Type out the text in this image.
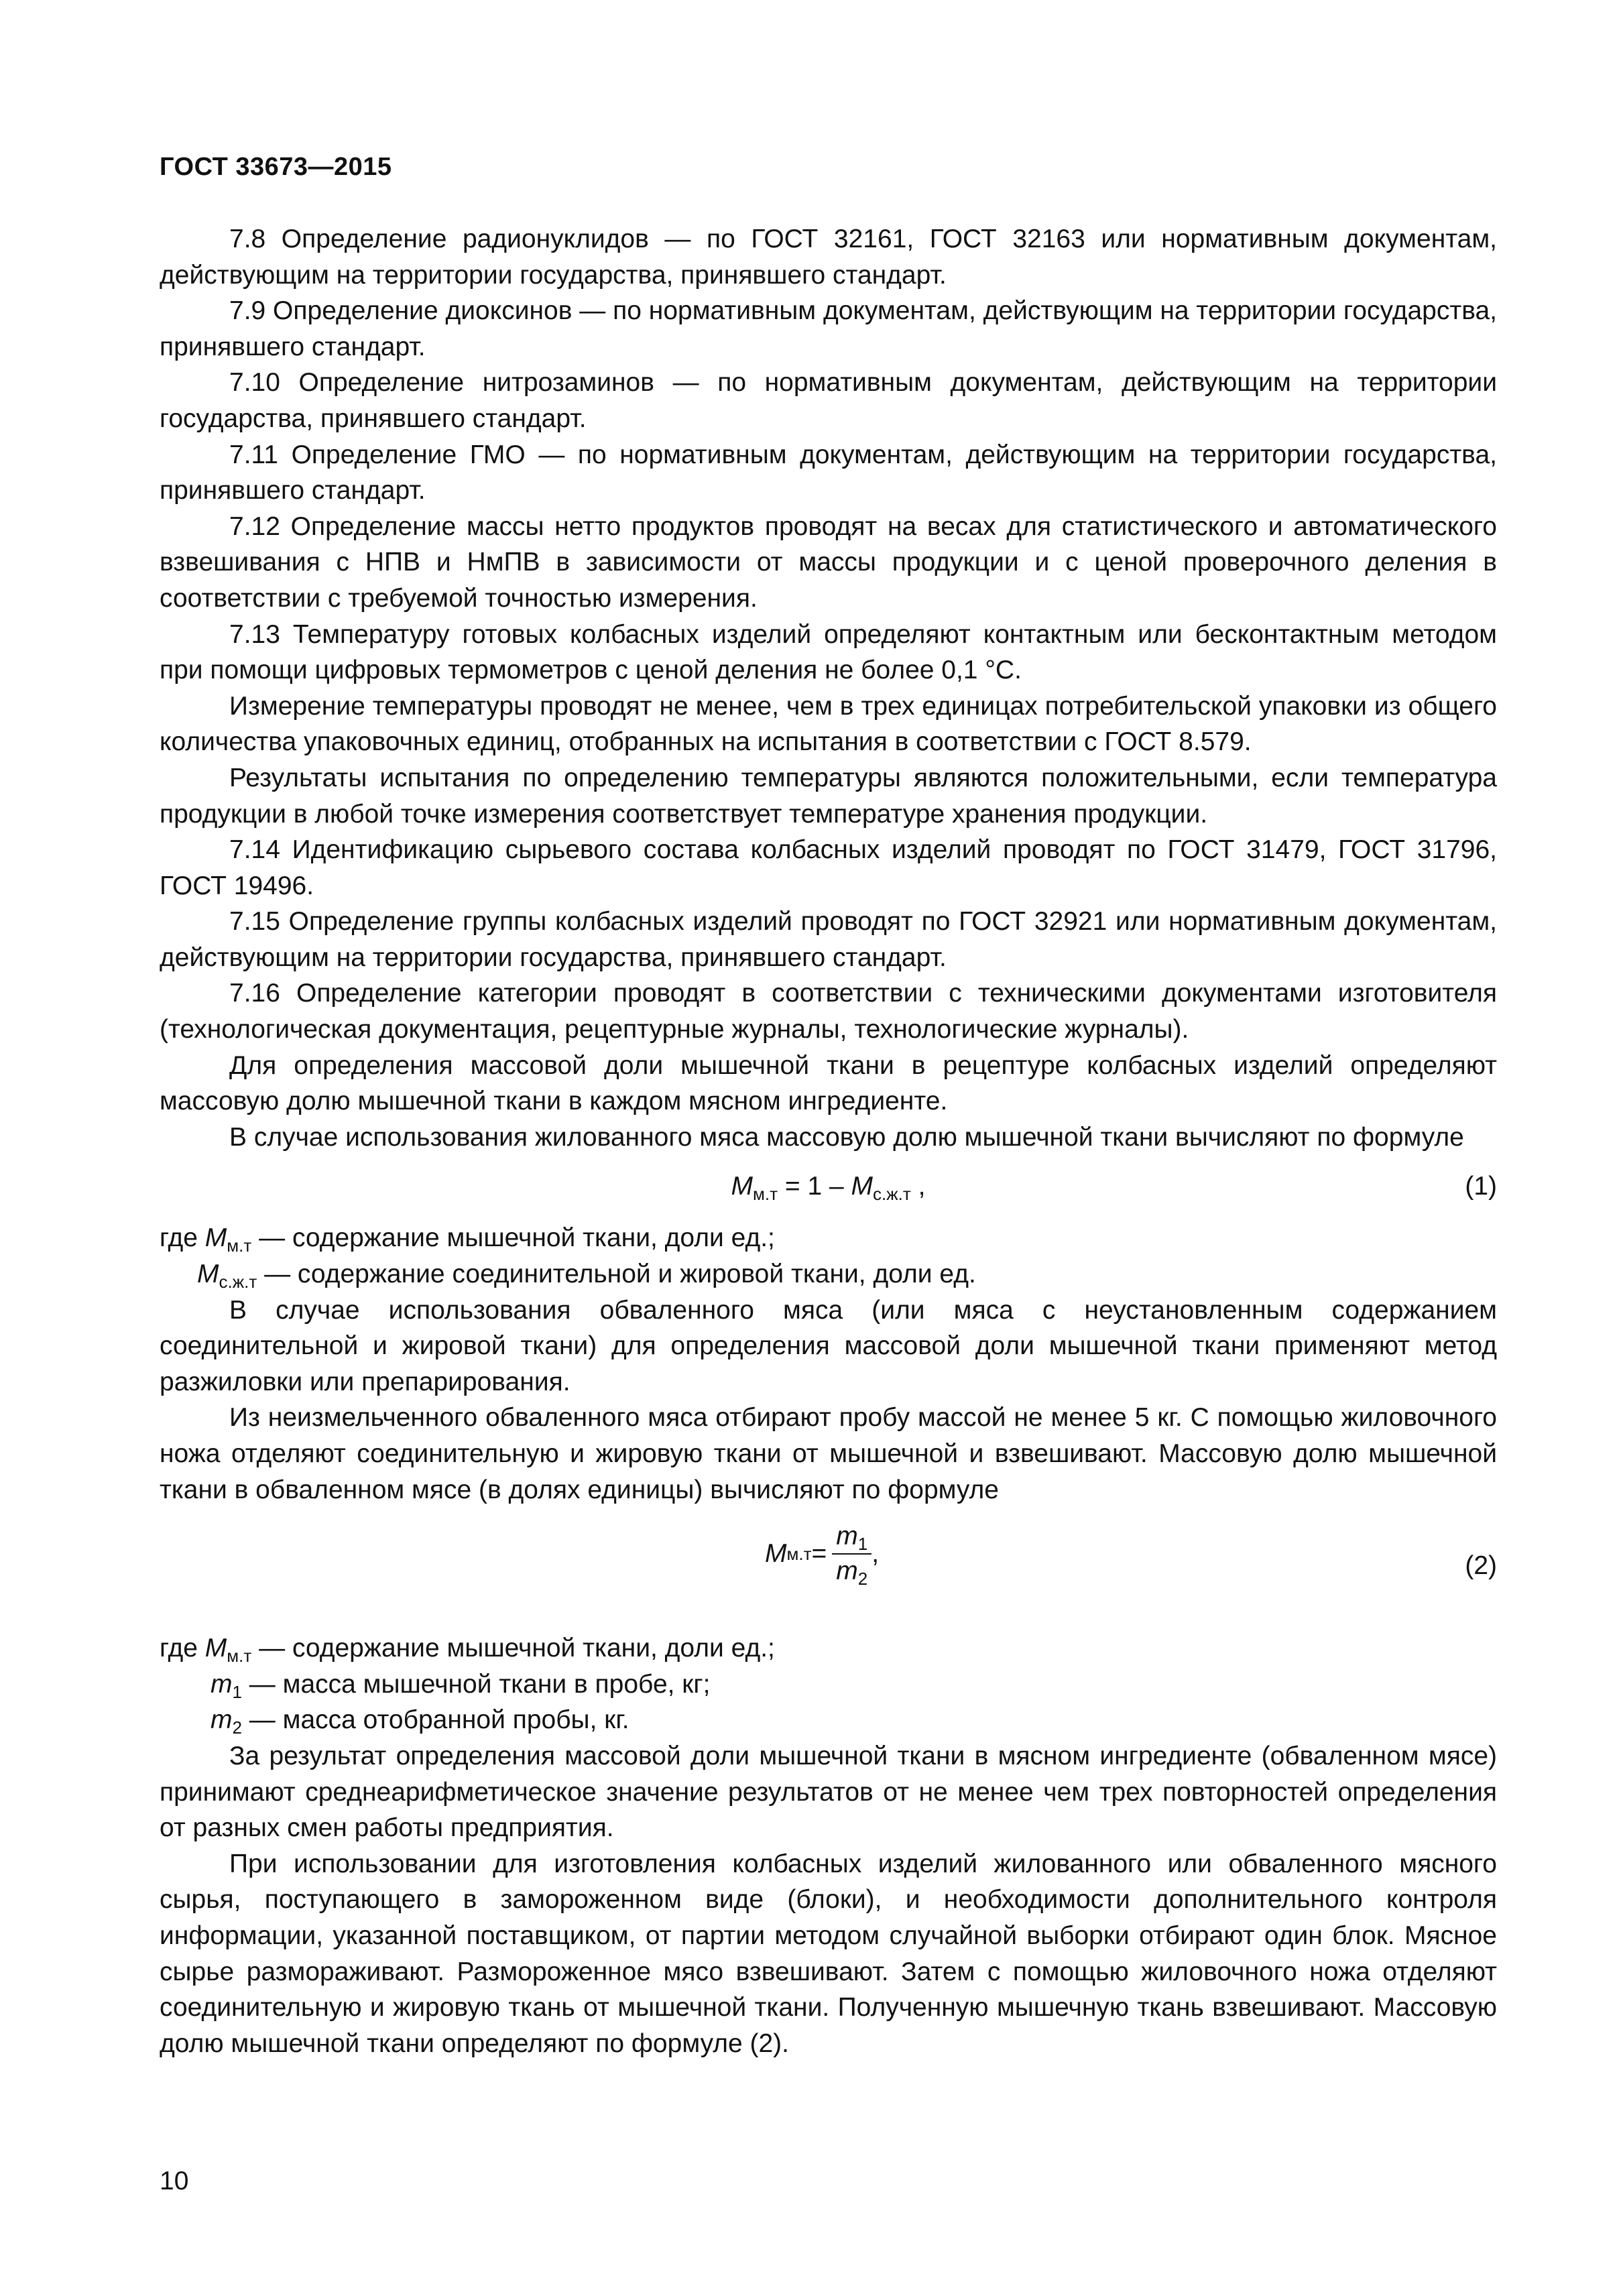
ГОСТ 33673—2015

7.8 Определение радионуклидов — по ГОСТ 32161, ГОСТ 32163 или нормативным документам, действующим на территории государства, принявшего стандарт.

7.9 Определение диоксинов — по нормативным документам, действующим на территории государства, принявшего стандарт.

7.10 Определение нитрозаминов — по нормативным документам, действующим на территории государства, принявшего стандарт.

7.11 Определение ГМО — по нормативным документам, действующим на территории государства, принявшего стандарт.

7.12 Определение массы нетто продуктов проводят на весах для статистического и автоматического взвешивания с НПВ и НмПВ в зависимости от массы продукции и с ценой проверочного деления в соответствии с требуемой точностью измерения.

7.13 Температуру готовых колбасных изделий определяют контактным или бесконтактным методом при помощи цифровых термометров с ценой деления не более 0,1 °С.

Измерение температуры проводят не менее, чем в трех единицах потребительской упаковки из общего количества упаковочных единиц, отобранных на испытания в соответствии с ГОСТ 8.579.

Результаты испытания по определению температуры являются положительными, если температура продукции в любой точке измерения соответствует температуре хранения продукции.

7.14 Идентификацию сырьевого состава колбасных изделий проводят по ГОСТ 31479, ГОСТ 31796, ГОСТ 19496.

7.15 Определение группы колбасных изделий проводят по ГОСТ 32921 или нормативным документам, действующим на территории государства, принявшего стандарт.

7.16 Определение категории проводят в соответствии с техническими документами изготовителя (технологическая документация, рецептурные журналы, технологические журналы).

Для определения массовой доли мышечной ткани в рецептуре колбасных изделий определяют массовую долю мышечной ткани в каждом мясном ингредиенте.

В случае использования жилованного мяса массовую долю мышечной ткани вычисляют по формуле

$М_{м.т} = 1 - М_{с.ж.т}$ ,	(1)

где $М_{м.т}$ — содержание мышечной ткани, доли ед.;

$М_{с.ж.т}$ — содержание соединительной и жировой ткани, доли ед.

В случае использования обваленного мяса (или мяса с неустановленным содержанием соединительной и жировой ткани) для определения массовой доли мышечной ткани применяют метод разжиловки или препарирования.

Из неизмельченного обваленного мяса отбирают пробу массой не менее 5 кг. С помощью жиловочного ножа отделяют соединительную и жировую ткани от мышечной и взвешивают. Массовую долю мышечной ткани в обваленном мясе (в долях единицы) вычисляют по формуле

М $м.т = \frac{m_1}{m_2}$ ,	(2)

где $М_{м.т}$ — содержание мышечной ткани, доли ед.;

$m_1$ — масса мышечной ткани в пробе, кг;

$m_2$ — масса отобранной пробы, кг.

За результат определения массовой доли мышечной ткани в мясном ингредиенте (обваленном мясе) принимают среднеарифметическое значение результатов от не менее чем трех повторностей определения от разных смен работы предприятия.

При использовании для изготовления колбасных изделий жилованного или обваленного мясного сырья, поступающего в замороженном виде (блоки), и необходимости дополнительного контроля информации, указанной поставщиком, от партии методом случайной выборки отбирают один блок. Мясное сырье размораживают. Размороженное мясо взвешивают. Затем с помощью жиловочного ножа отделяют соединительную и жировую ткань от мышечной ткани. Полученную мышечную ткань взвешивают. Массовую долю мышечной ткани определяют по формуле (2).

10
